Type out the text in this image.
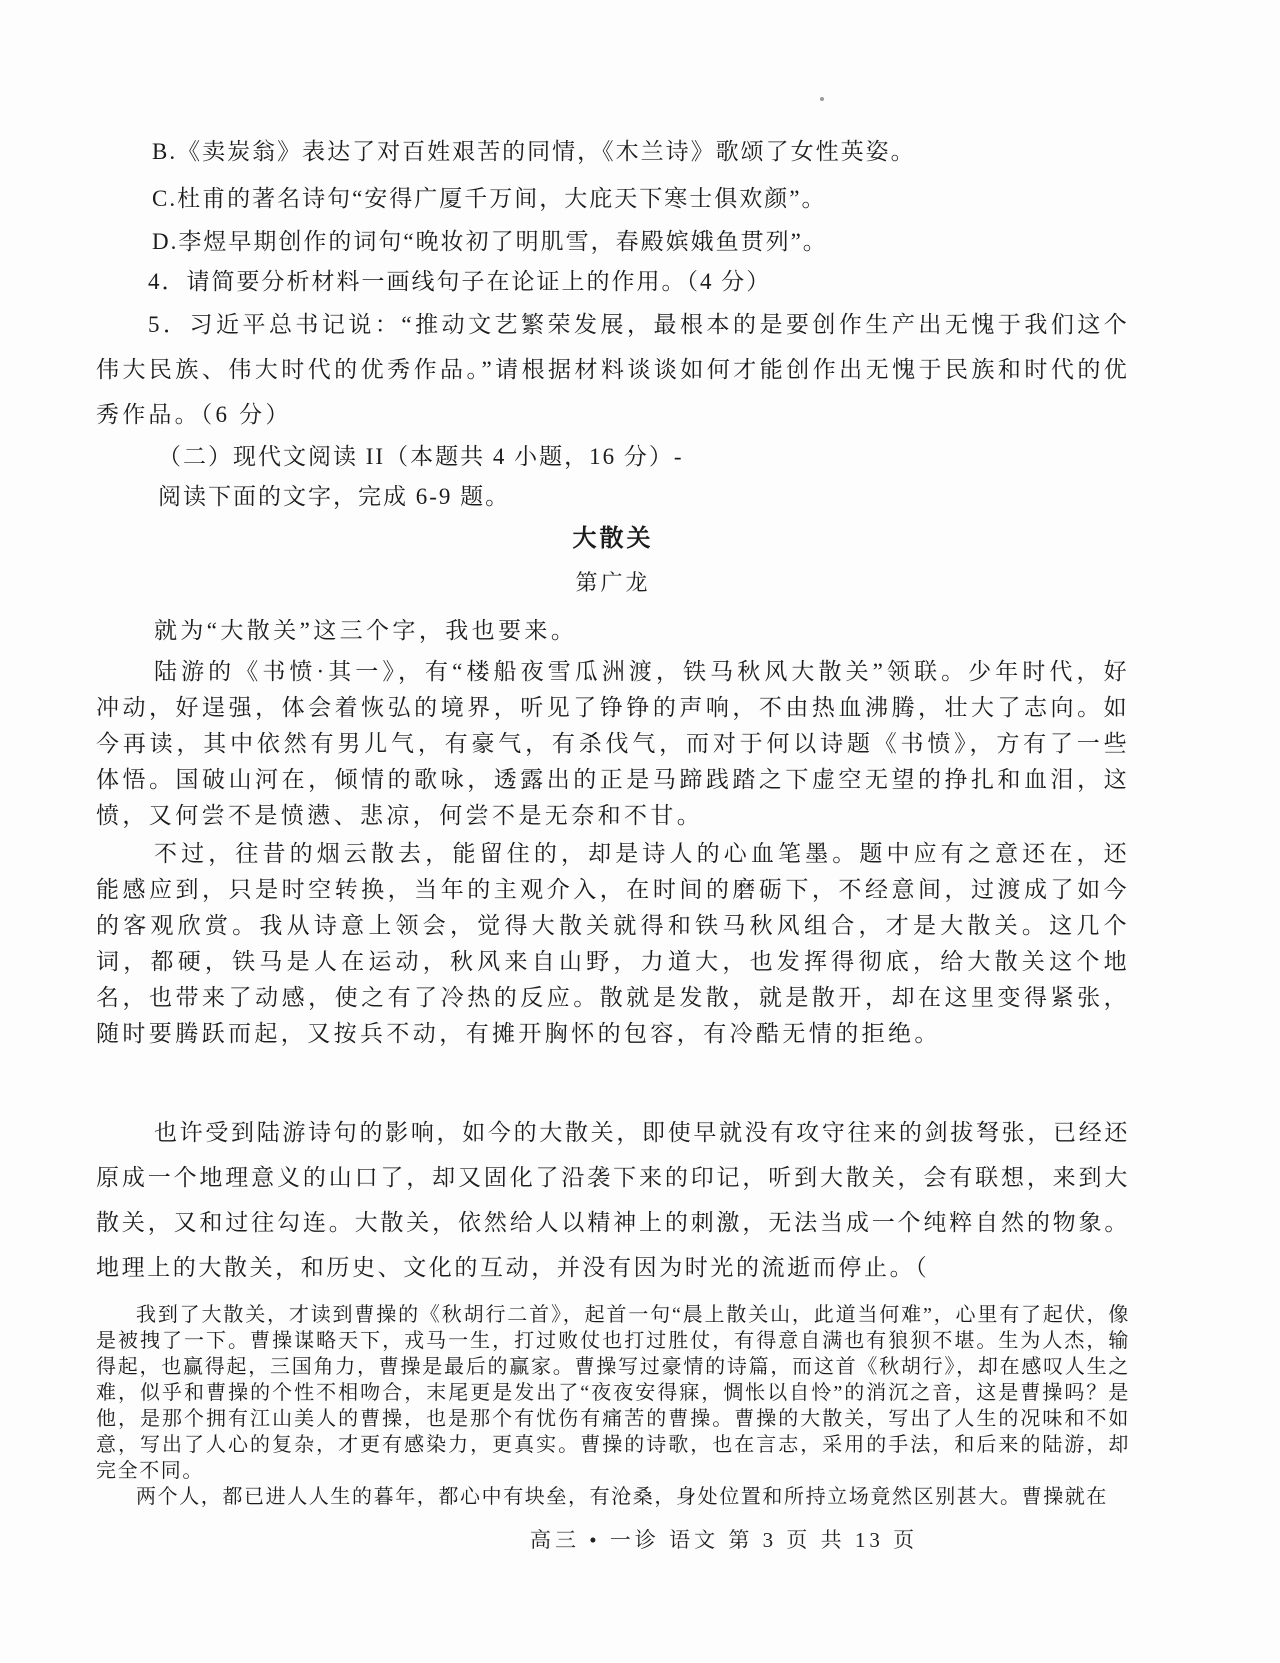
B.《卖炭翁》表达了对百姓艰苦的同情，《木兰诗》歌颂了女性英姿。

C.杜甫的著名诗句“安得广厦千万间，大庇天下寒士俱欢颜”。

D.李煜早期创作的词句“晚妆初了明肌雪，春殿嫔娥鱼贯列”。

4．请简要分析材料一画线句子在论证上的作用。（4 分）

5．习近平总书记说：“推动文艺繁荣发展，最根本的是要创作生产出无愧于我们这个伟大民族、伟大时代的优秀作品。”请根据材料谈谈如何才能创作出无愧于民族和时代的优秀作品。（6 分）

（二）现代文阅读 II（本题共 4 小题，16 分）-

阅读下面的文字，完成 6-9 题。

大散关

第广龙

就为“大散关”这三个字，我也要来。

陆游的《书愤·其一》，有“楼船夜雪瓜洲渡，铁马秋风大散关”领联。少年时代，好冲动，好逞强，体会着恢弘的境界，听见了铮铮的声响，不由热血沸腾，壮大了志向。如今再读，其中依然有男儿气，有豪气，有杀伐气，而对于何以诗题《书愤》，方有了一些体悟。国破山河在，倾情的歌咏，透露出的正是马蹄践踏之下虚空无望的挣扎和血泪，这愤，又何尝不是愤懑、悲凉，何尝不是无奈和不甘。

不过，往昔的烟云散去，能留住的，却是诗人的心血笔墨。题中应有之意还在，还能感应到，只是时空转换，当年的主观介入，在时间的磨砺下，不经意间，过渡成了如今的客观欣赏。我从诗意上领会，觉得大散关就得和铁马秋风组合，才是大散关。这几个词，都硬，铁马是人在运动，秋风来自山野，力道大，也发挥得彻底，给大散关这个地名，也带来了动感，使之有了冷热的反应。散就是发散，就是散开，却在这里变得紧张，随时要腾跃而起，又按兵不动，有摊开胸怀的包容，有冷酷无情的拒绝。

也许受到陆游诗句的影响，如今的大散关，即使早就没有攻守往来的剑拔弩张，已经还原成一个地理意义的山口了，却又固化了沿袭下来的印记，听到大散关，会有联想，来到大散关，又和过往勾连。大散关，依然给人以精神上的刺激，无法当成一个纯粹自然的物象。地理上的大散关，和历史、文化的互动，并没有因为时光的流逝而停止。（

我到了大散关，才读到曹操的《秋胡行二首》，起首一句“晨上散关山，此道当何难”，心里有了起伏，像是被拽了一下。曹操谋略天下，戎马一生，打过败仗也打过胜仗，有得意自满也有狼狈不堪。生为人杰，输得起，也赢得起，三国角力，曹操是最后的赢家。曹操写过豪情的诗篇，而这首《秋胡行》，却在感叹人生之难，似乎和曹操的个性不相吻合，末尾更是发出了“夜夜安得寐，惆怅以自怜”的消沉之音，这是曹操吗？是他，是那个拥有江山美人的曹操，也是那个有忧伤有痛苦的曹操。曹操的大散关，写出了人生的况味和不如意，写出了人心的复杂，才更有感染力，更真实。曹操的诗歌，也在言志，采用的手法，和后来的陆游，却完全不同。

两个人，都已进人人生的暮年，都心中有块垒，有沧桑，身处位置和所持立场竟然区别甚大。曹操就在

高三 • 一诊 语文 第 3 页 共 13 页
